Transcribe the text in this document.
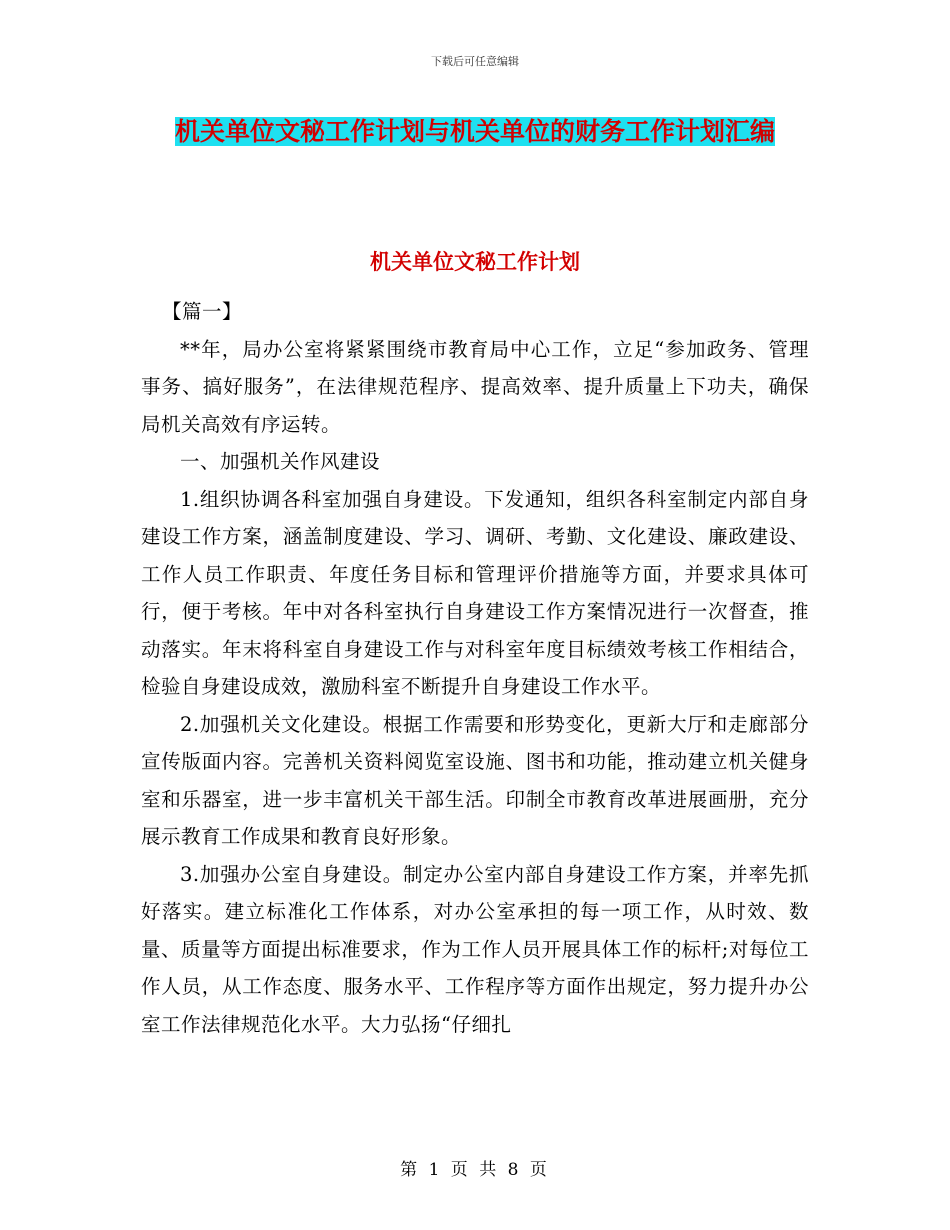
下载后可任意编辑
机关单位文秘工作计划与机关单位的财务工作计划汇编
机关单位文秘工作计划

【篇一】

**年，局办公室将紧紧围绕市教育局中心工作，立足“参加政务、管理事务、搞好服务”，在法律规范程序、提高效率、提升质量上下功夫，确保局机关高效有序运转。

一、加强机关作风建设

1.组织协调各科室加强自身建设。下发通知，组织各科室制定内部自身建设工作方案，涵盖制度建设、学习、调研、考勤、文化建设、廉政建设、工作人员工作职责、年度任务目标和管理评价措施等方面，并要求具体可行，便于考核。年中对各科室执行自身建设工作方案情况进行一次督查，推动落实。年末将科室自身建设工作与对科室年度目标绩效考核工作相结合，检验自身建设成效，激励科室不断提升自身建设工作水平。

2.加强机关文化建设。根据工作需要和形势变化，更新大厅和走廊部分宣传版面内容。完善机关资料阅览室设施、图书和功能，推动建立机关健身室和乐器室，进一步丰富机关干部生活。印制全市教育改革进展画册，充分展示教育工作成果和教育良好形象。

3.加强办公室自身建设。制定办公室内部自身建设工作方案，并率先抓好落实。建立标准化工作体系，对办公室承担的每一项工作，从时效、数量、质量等方面提出标准要求，作为工作人员开展具体工作的标杆;对每位工作人员，从工作态度、服务水平、工作程序等方面作出规定，努力提升办公室工作法律规范化水平。大力弘扬“仔细扎

第 1 页 共 8 页
